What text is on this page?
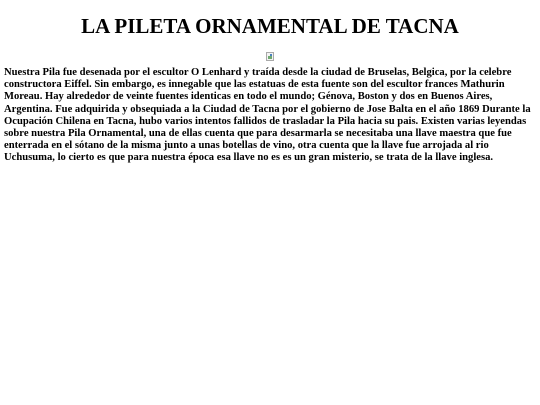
LA PILETA ORNAMENTAL DE TACNA

Nuestra Pila fue desenada por el escultor O Lenhard y traída desde la ciudad de Bruselas, Belgica, por la celebre constructora Eiffel. Sin embargo, es innegable que las estatuas de esta fuente son del escultor frances Mathurin Moreau. Hay alrededor de veinte fuentes identicas en todo el mundo; Génova, Boston y dos en Buenos Aires, Argentina. Fue adquirida y obsequiada a la Ciudad de Tacna por el gobierno de Jose Balta en el año 1869 Durante la Ocupación Chilena en Tacna, hubo varios intentos fallidos de trasladar la Pila hacia su pais. Existen varias leyendas sobre nuestra Pila Ornamental, una de ellas cuenta que para desarmarla se necesitaba una llave maestra que fue enterrada en el sótano de la misma junto a unas botellas de vino, otra cuenta que la llave fue arrojada al rio Uchusuma, lo cierto es que para nuestra época esa llave no es es un gran misterio, se trata de la llave inglesa.
